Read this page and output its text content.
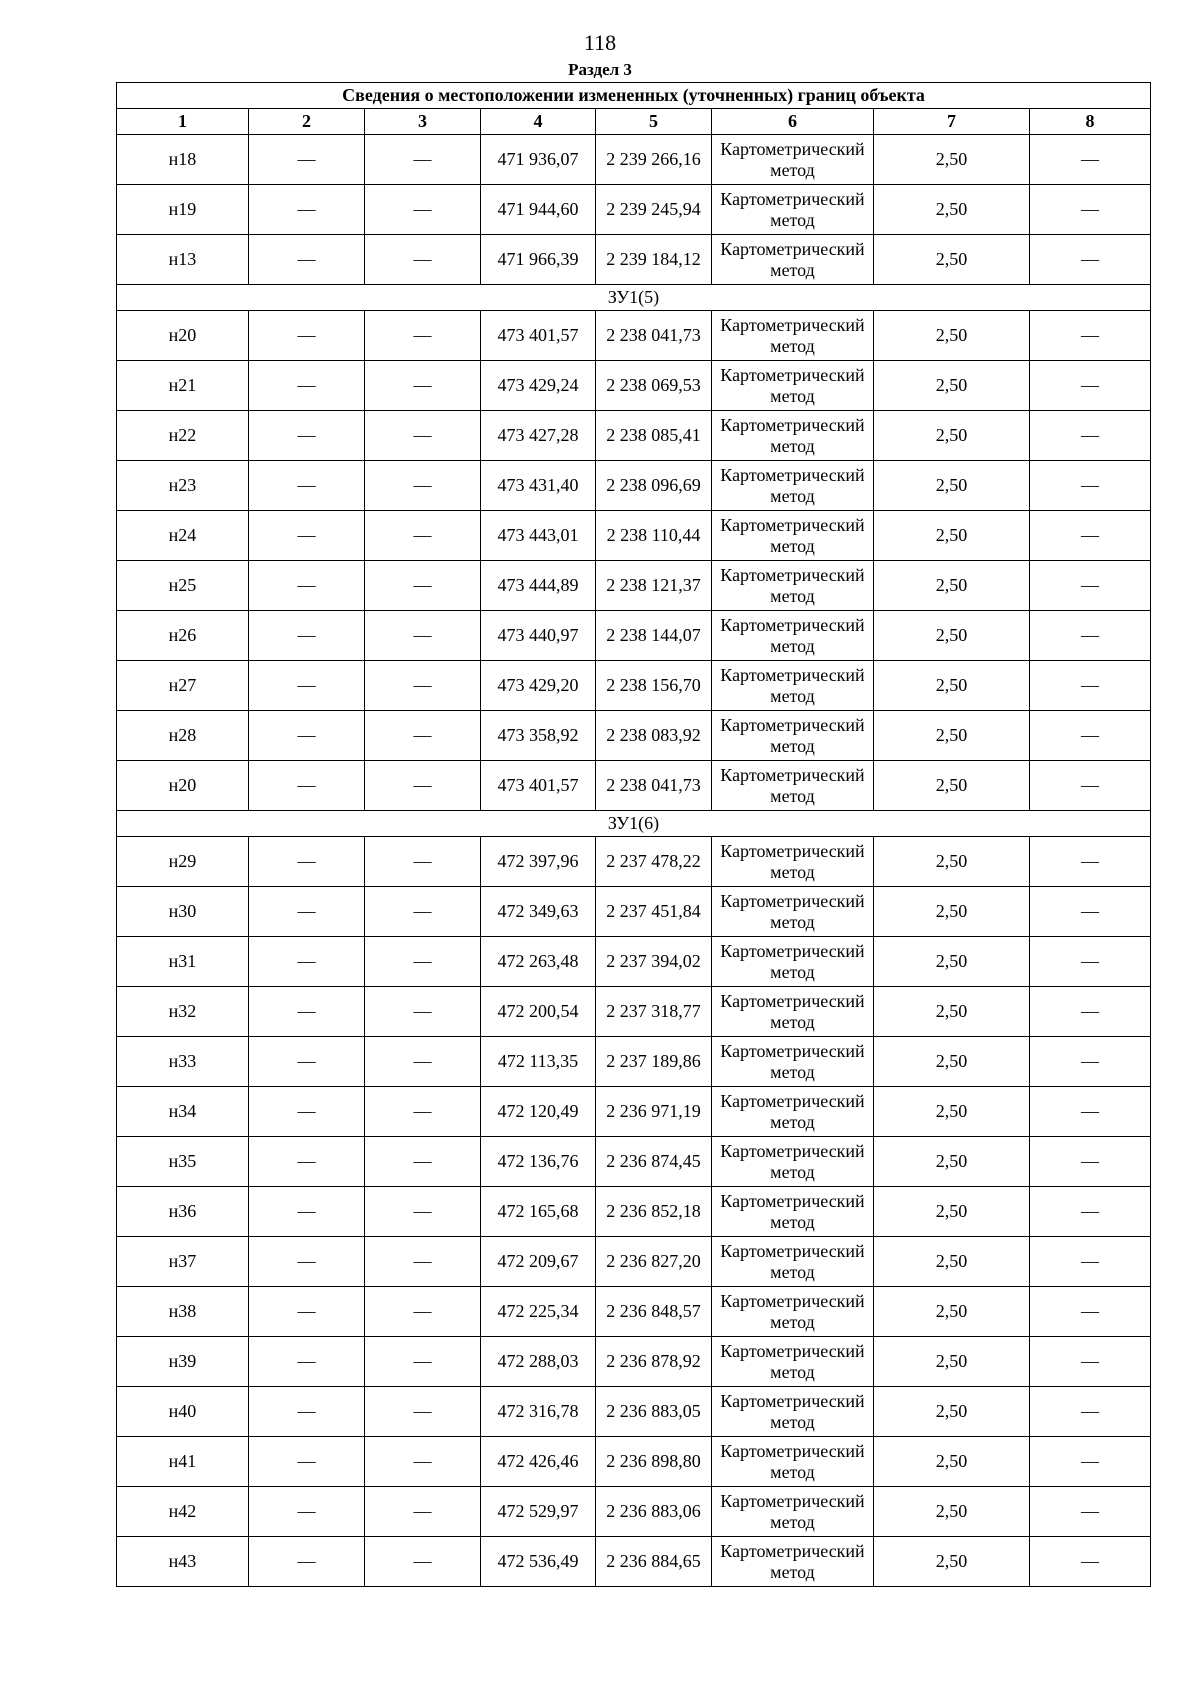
118
Раздел 3
Сведения о местоположении измененных (уточненных) границ объекта							
1	2	3	4	5	6	7	8
н18	—	—	471 936,07	2 239 266,16	Картометрический метод	2,50	—
н19	—	—	471 944,60	2 239 245,94	Картометрический метод	2,50	—
н13	—	—	471 966,39	2 239 184,12	Картометрический метод	2,50	—
ЗУ1(5)							
н20	—	—	473 401,57	2 238 041,73	Картометрический метод	2,50	—
н21	—	—	473 429,24	2 238 069,53	Картометрический метод	2,50	—
н22	—	—	473 427,28	2 238 085,41	Картометрический метод	2,50	—
н23	—	—	473 431,40	2 238 096,69	Картометрический метод	2,50	—
н24	—	—	473 443,01	2 238 110,44	Картометрический метод	2,50	—
н25	—	—	473 444,89	2 238 121,37	Картометрический метод	2,50	—
н26	—	—	473 440,97	2 238 144,07	Картометрический метод	2,50	—
н27	—	—	473 429,20	2 238 156,70	Картометрический метод	2,50	—
н28	—	—	473 358,92	2 238 083,92	Картометрический метод	2,50	—
н20	—	—	473 401,57	2 238 041,73	Картометрический метод	2,50	—
ЗУ1(6)							
н29	—	—	472 397,96	2 237 478,22	Картометрический метод	2,50	—
н30	—	—	472 349,63	2 237 451,84	Картометрический метод	2,50	—
н31	—	—	472 263,48	2 237 394,02	Картометрический метод	2,50	—
н32	—	—	472 200,54	2 237 318,77	Картометрический метод	2,50	—
н33	—	—	472 113,35	2 237 189,86	Картометрический метод	2,50	—
н34	—	—	472 120,49	2 236 971,19	Картометрический метод	2,50	—
н35	—	—	472 136,76	2 236 874,45	Картометрический метод	2,50	—
н36	—	—	472 165,68	2 236 852,18	Картометрический метод	2,50	—
н37	—	—	472 209,67	2 236 827,20	Картометрический метод	2,50	—
н38	—	—	472 225,34	2 236 848,57	Картометрический метод	2,50	—
н39	—	—	472 288,03	2 236 878,92	Картометрический метод	2,50	—
н40	—	—	472 316,78	2 236 883,05	Картометрический метод	2,50	—
н41	—	—	472 426,46	2 236 898,80	Картометрический метод	2,50	—
н42	—	—	472 529,97	2 236 883,06	Картометрический метод	2,50	—
н43	—	—	472 536,49	2 236 884,65	Картометрический метод	2,50	—
